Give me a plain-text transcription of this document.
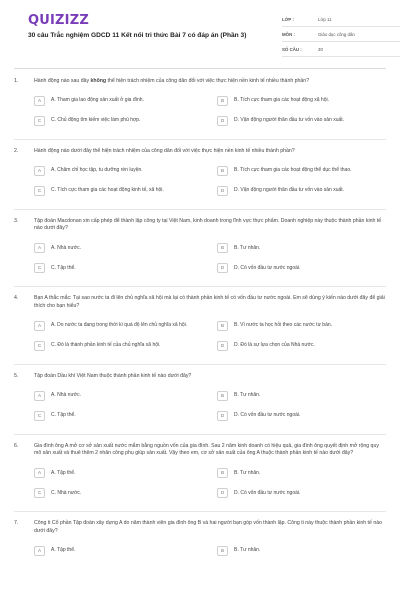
QUIZIZZ
30 câu Trắc nghiệm GDCD 11 Kết nối tri thức Bài 7 có đáp án (Phần 3)
LỚP :	Lớp 11
MÔN :	Giáo dục công dân
SỐ CÂU :	30
1.	Hành động nào sau đây không thể hiện trách nhiệm của công dân đối với việc thực hiện nền kinh tế nhiều thành phần?
A	A. Tham gia lao động sản xuất ở gia đình.	B	B. Tích cực tham gia các hoạt động xã hội.
C	C. Chủ động tìm kiếm việc làm phù hợp.	D	D. Vận động người thân đầu tư vốn vào sản xuất.
2.	Hành động nào dưới đây thể hiện trách nhiệm của công dân đối với việc thực hiện nền kinh tế nhiều thành phần?
A	A. Chăm chỉ học tập, tu dưỡng rèn luyện.	B	B. Tích cực tham gia các hoạt động thể dục thể thao.
C	C. Tích cực tham gia các hoạt động kinh tế, xã hội.	D	D. Vận động người thân đầu tư vốn vào sản xuất.
3.	Tập đoàn Macdonan xin cấp phép để thành lập công ty tại Việt Nam, kinh doanh trong lĩnh vực thực phẩm. Doanh nghiệp này thuộc thành phần kinh tế nào dưới đây?
A	A. Nhà nước.	B	B. Tư nhân.
C	C. Tập thể.	D	D. Có vốn đầu tư nước ngoài.
4.	Bạn A thắc mắc: Tại sao nước ta đi lên chủ nghĩa xã hội mà lại có thành phần kinh tế có vốn đầu tư nước ngoài. Em sẽ dùng ý kiến nào dưới đây để giải thích cho bạn hiểu?
A	A. Do nước ta đang trong thời kì quá độ lên chủ nghĩa xã hội.	B	B. Vì nước ta học hỏi theo các nước tư bản.
C	C. Đó là thành phần kinh tế của chủ nghĩa xã hội.	D	D. Đó là sự lựa chọn của Nhà nước.
5.	Tập đoàn Dầu khí Việt Nam thuộc thành phần kinh tế nào dưới đây?
A	A. Nhà nước.	B	B. Tư nhân.
C	C. Tập thể.	D	D. Có vốn đầu tư nước ngoài.
6.	Gia đình ông A mở cơ sở sản xuất nước mắm bằng nguồn vốn của gia đình. Sau 2 năm kinh doanh có hiệu quả, gia đình ông quyết định mở rộng quy mô sản xuất và thuê thêm 2 nhân công phụ giúp sản xuất. Vậy theo em, cơ sở sản xuất của ông A thuộc thành phần kinh tế nào dưới đây?
A	A. Tập thể.	B	B. Tư nhân.
C	C. Nhà nước.	D	D. Có vốn đầu tư nước ngoài.
7.	Công ti Cổ phần Tập đoàn xây dựng A do năm thành viên gia đình ông B và hai người bạn góp vốn thành lập. Công ti này thuộc thành phần kinh tế nào dưới đây?
A	A. Tập thể.	B	B. Tư nhân.
